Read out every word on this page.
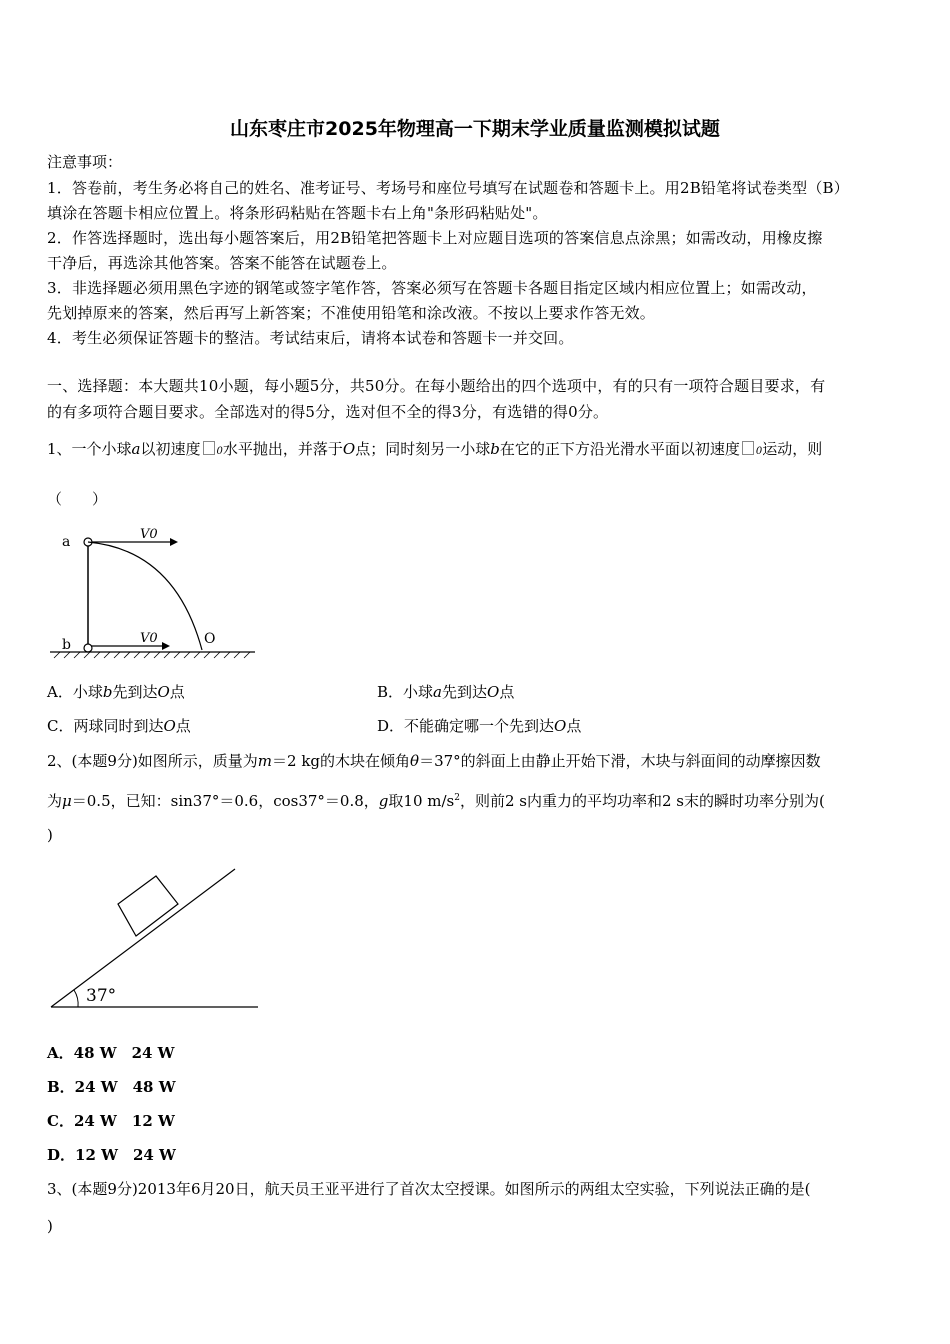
山东枣庄市2025年物理高一下期末学业质量监测模拟试题
注意事项：
1．答卷前，考生务必将自己的姓名、准考证号、考场号和座位号填写在试题卷和答题卡上。用2B铅笔将试卷类型（B）
填涂在答题卡相应位置上。将条形码粘贴在答题卡右上角"条形码粘贴处"。
2．作答选择题时，选出每小题答案后，用2B铅笔把答题卡上对应题目选项的答案信息点涂黑；如需改动，用橡皮擦
干净后，再选涂其他答案。答案不能答在试题卷上。
3．非选择题必须用黑色字迹的钢笔或签字笔作答，答案必须写在答题卡各题目指定区域内相应位置上；如需改动，
先划掉原来的答案，然后再写上新答案；不准使用铅笔和涂改液。不按以上要求作答无效。
4．考生必须保证答题卡的整洁。考试结束后，请将本试卷和答题卡一并交回。
一、选择题：本大题共10小题，每小题5分，共50分。在每小题给出的四个选项中，有的只有一项符合题目要求，有
的有多项符合题目要求。全部选对的得5分，选对但不全的得3分，有选错的得0分。
1、一个小球a以初速度 0水平抛出，并落于O点；同时刻另一小球b在它的正下方沿光滑水平面以初速度 0运动，则
（　　）
V0
a
V0
b	O
A．小球b先到达O点	B．小球a先到达O点
C．两球同时到达O点	D．不能确定哪一个先到达O点
2、(本题9分)如图所示，质量为m＝2 kg的木块在倾角θ＝37°的斜面上由静止开始下滑，木块与斜面间的动摩擦因数
为μ＝0.5，已知：sin37°＝0.6，cos37°＝0.8，g取10 $m/s^2$，则前2 s内重力的平均功率和2 s末的瞬时功率分别为(
)
37°
A．48 W　24 W
B．24 W　48 W
C．24 W　12 W
D．12 W　24 W
3、(本题9分)2013年6月20日，航天员王亚平进行了首次太空授课。如图所示的两组太空实验，下列说法正确的是(
)
